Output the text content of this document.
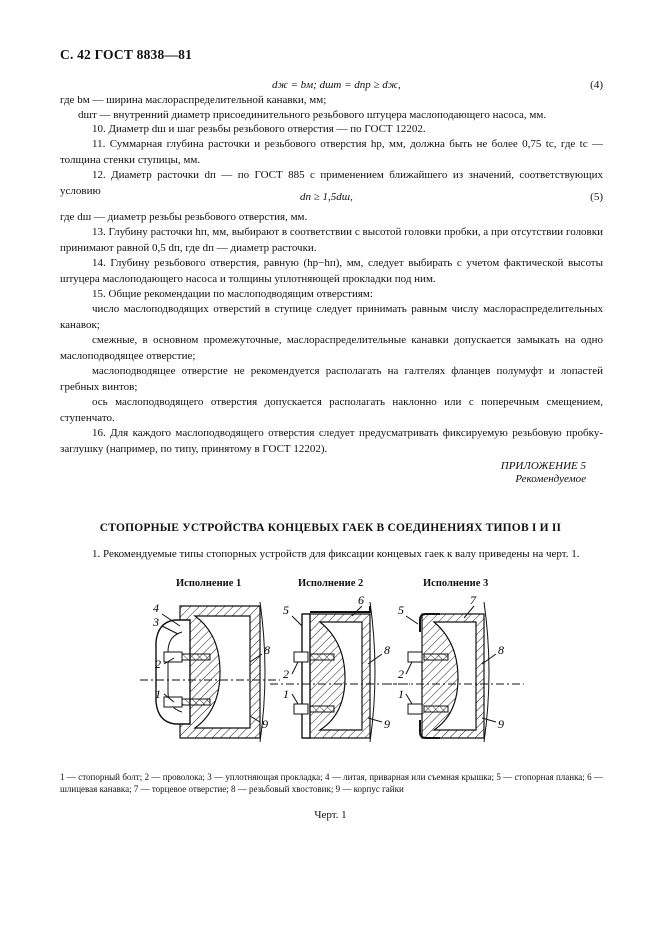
С. 42 ГОСТ 8838—81
dж = bм; dшт = dпр ≥ dж,	(4)
где bм — ширина маслораспределительной канавки, мм;
dшт — внутренний диаметр присоединительного резьбового штуцера маслоподающего насоса, мм.
10. Диаметр dш и шаг резьбы резьбового отверстия — по ГОСТ 12202.
11. Суммарная глубина расточки и резьбового отверстия hр, мм, должна быть не более 0,75 tс, где tс — толщина стенки ступицы, мм.
12. Диаметр расточки dп — по ГОСТ 885 с применением ближайшего из значений, соответствующих условию
dп ≥ 1,5dш,	(5)
где dш — диаметр резьбы резьбового отверстия, мм.
13. Глубину расточки hп, мм, выбирают в соответствии с высотой головки пробки, а при отсутствии головки принимают равной 0,5 dп, где dп — диаметр расточки.
14. Глубину резьбового отверстия, равную (hр−hп), мм, следует выбирать с учетом фактической высоты штуцера маслоподающего насоса и толщины уплотняющей прокладки под ним.
15. Общие рекомендации по маслоподводящим отверстиям:
число маслоподводящих отверстий в ступице следует принимать равным числу маслораспределительных канавок;
смежные, в основном промежуточные, маслораспределительные канавки допускается замыкать на одно маслоподводящее отверстие;
маслоподводящее отверстие не рекомендуется располагать на галтелях фланцев полумуфт и лопастей гребных винтов;
ось маслоподводящего отверстия допускается располагать наклонно или с поперечным смещением, ступенчато.
16. Для каждого маслоподводящего отверстия следует предусматривать фиксируемую резьбовую пробку-заглушку (например, по типу, принятому в ГОСТ 12202).
ПРИЛОЖЕНИЕ 5
Рекомендуемое
СТОПОРНЫЕ УСТРОЙСТВА КОНЦЕВЫХ ГАЕК В СОЕДИНЕНИЯХ ТИПОВ I И II
1. Рекомендуемые типы стопорных устройств для фиксации концевых гаек к валу приведены на черт. 1.
Исполнение 1	Исполнение 2	Исполнение 3
4
3
2
1
8
9
5
6
2
1
8
9
5
7
2
1
8
9
1 — стопорный болт; 2 — проволока; 3 — уплотняющая прокладка; 4 — литая, приварная или съемная крышка; 5 — стопорная планка; 6 — шлицевая канавка; 7 — торцевое отверстие; 8 — резьбовый хвостовик; 9 — корпус гайки
Черт. 1
